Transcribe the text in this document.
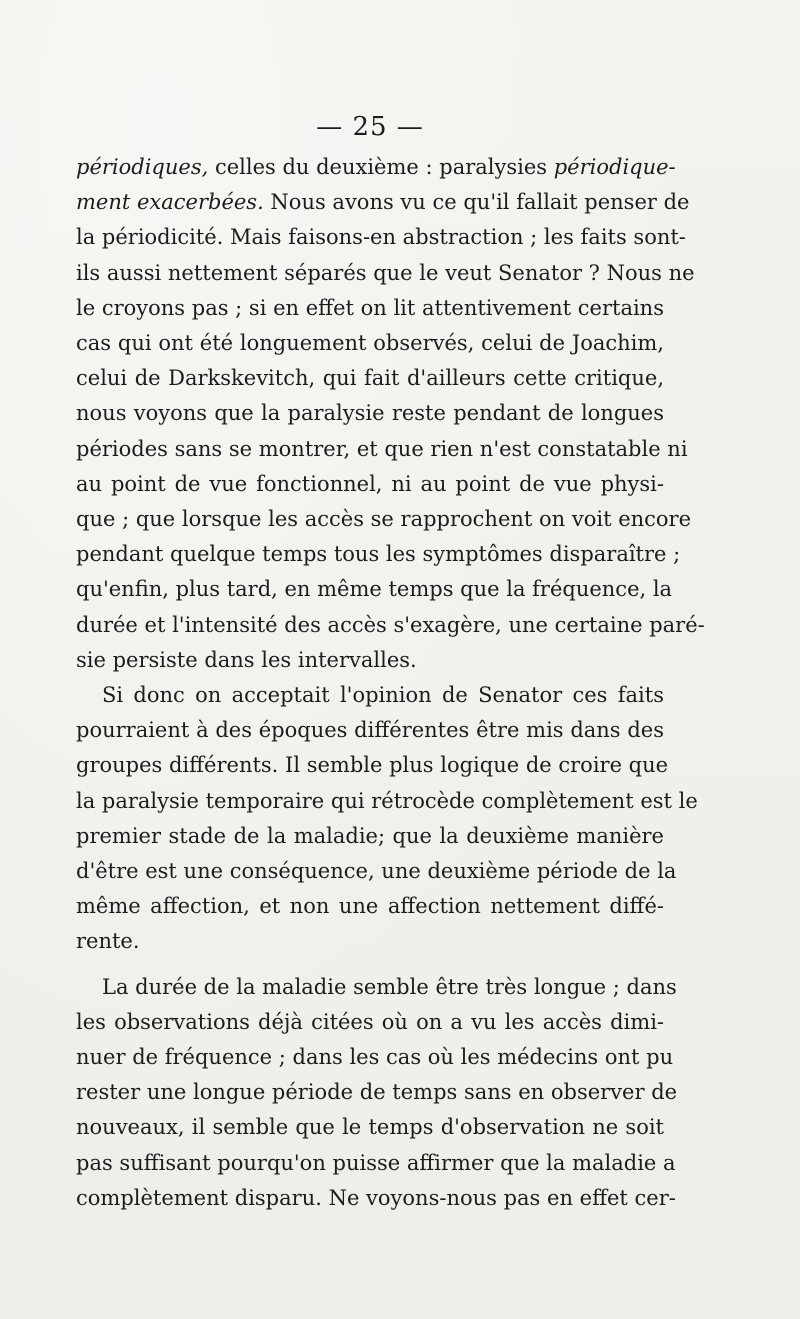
— 25 —

périodiques, celles du deuxième : paralysies périodique-
ment exacerbées. Nous avons vu ce qu'il fallait penser de
la périodicité. Mais faisons-en abstraction ; les faits sont-
ils aussi nettement séparés que le veut Senator ? Nous ne
le croyons pas ; si en effet on lit attentivement certains
cas qui ont été longuement observés, celui de Joachim,
celui de Darkskevitch, qui fait d'ailleurs cette critique,
nous voyons que la paralysie reste pendant de longues
périodes sans se montrer, et que rien n'est constatable ni
au point de vue fonctionnel, ni au point de vue physi-
que ; que lorsque les accès se rapprochent on voit encore
pendant quelque temps tous les symptômes disparaître ;
qu'enfin, plus tard, en même temps que la fréquence, la
durée et l'intensité des accès s'exagère, une certaine paré-
sie persiste dans les intervalles.

Si donc on acceptait l'opinion de Senator ces faits
pourraient à des époques différentes être mis dans des
groupes différents. Il semble plus logique de croire que
la paralysie temporaire qui rétrocède complètement est le
premier stade de la maladie; que la deuxième manière
d'être est une conséquence, une deuxième période de la
même affection, et non une affection nettement diffé-
rente.

La durée de la maladie semble être très longue ; dans
les observations déjà citées où on a vu les accès dimi-
nuer de fréquence ; dans les cas où les médecins ont pu
rester une longue période de temps sans en observer de
nouveaux, il semble que le temps d'observation ne soit
pas suffisant pourqu'on puisse affirmer que la maladie a
complètement disparu. Ne voyons-nous pas en effet cer-
